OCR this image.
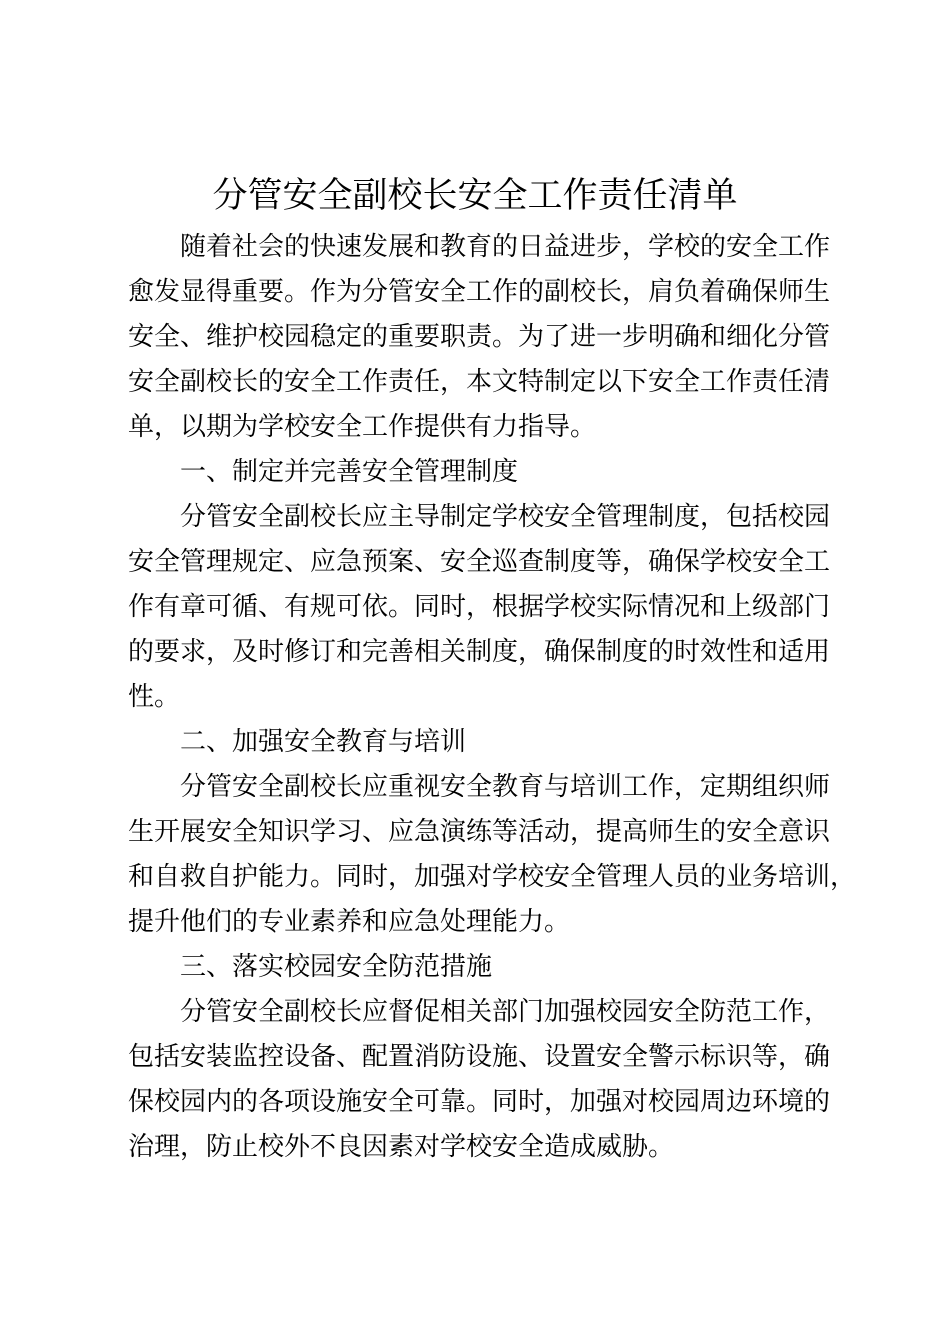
分管安全副校长安全工作责任清单
随着社会的快速发展和教育的日益进步，学校的安全工作
愈发显得重要。作为分管安全工作的副校长，肩负着确保师生
安全、维护校园稳定的重要职责。为了进一步明确和细化分管
安全副校长的安全工作责任，本文特制定以下安全工作责任清
单，以期为学校安全工作提供有力指导。
一、制定并完善安全管理制度
分管安全副校长应主导制定学校安全管理制度，包括校园
安全管理规定、应急预案、安全巡查制度等，确保学校安全工
作有章可循、有规可依。同时，根据学校实际情况和上级部门
的要求，及时修订和完善相关制度，确保制度的时效性和适用
性。
二、加强安全教育与培训
分管安全副校长应重视安全教育与培训工作，定期组织师
生开展安全知识学习、应急演练等活动，提高师生的安全意识
和自救自护能力。同时，加强对学校安全管理人员的业务培训，
提升他们的专业素养和应急处理能力。
三、落实校园安全防范措施
分管安全副校长应督促相关部门加强校园安全防范工作，
包括安装监控设备、配置消防设施、设置安全警示标识等，确
保校园内的各项设施安全可靠。同时，加强对校园周边环境的
治理，防止校外不良因素对学校安全造成威胁。
